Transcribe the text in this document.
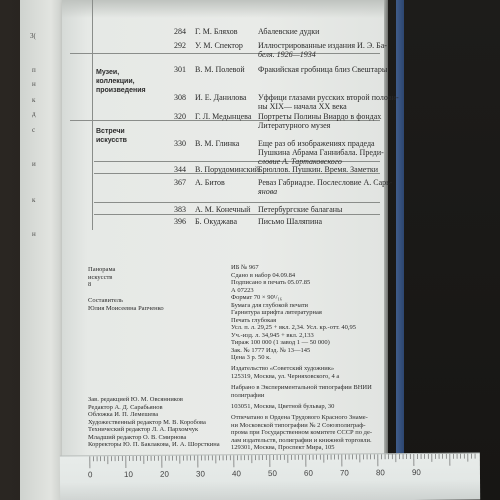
3(
п
н
к
д
с
и
к
н
Музеи,
коллекции,
произведения
Встречи
искусств
284 Г. М. Бляхов	Абалевские дудки
292 У. М. Спектор Иллюстрированные издания И. Э. Ба-
беля. 1926—1934
301 В. М. Полевой Фракийская гробница близ Свештары
308 И. Е. Данилова Уффици глазами русских второй полови-
ны XIX— начала XX века
320 Г. Л. Медынцева Портреты Полины Виардо в фондах
Литературного музея
330 В. М. Глинка Еще раз об изображениях прадеда
Пушкина Абрама Ганнибала. Преди-
словие А. Тартаковского
344 В. Порудоминский
Брюллов. Пушкин. Время. Заметки
367 А. Битов	Реваз Габриадзе. Послесловие А. Сарь-
янова
383 А. М. Конечный Петербургские балаганы
396 Б. Окуджава	Письмо Шаляпина
Панорама
искусств
8
Составитель
Юлия Моисеевна Рапченко
ИБ № 967
Сдано в набор 04.09.84
Подписано в печать 05.07.85
А 07223
Формат 70 × 90¹/₁₆
Бумага для глубокой печати
Гарнитура шрифта литературная
Печать глубокая
Усл. п. л. 29,25 + вкл. 2,34. Усл. кр.-отт. 40,95
Уч.-изд. л. 34,945 + вкл. 2,133
Тираж 100 000 (1 завод 1 — 50 000)
Зак. № 1777 Изд. № 13—145
Цена 3 р. 50 к.
Издательство «Советский художник»
125319, Москва, ул. Черняховского, 4 а
Набрано в Экспериментальной типографии ВНИИ
полиграфии
103051, Москва, Цветной бульвар, 30
Отпечатано в Ордена Трудового Красного Знаме-
ни Московской типографии № 2 Союзполиграф-
прома при Государственном комитете СССР по де-
лам издательств, полиграфии и книжной торговли.
129301, Москва, Проспект Мира, 105
Зав. редакцией Ю. М. Овсянников
Редактор А. Д. Сарабьянов
Обложка И. П. Лемешева
Художественный редактор М. В. Коробова
Технический редактор Л. А. Пархомчук
Младший редактор О. В. Смирнова
Корректоры Ю. П. Баклакова, И. А. Шорсткина
0	10	20	30	40	50	60	70	80	90
